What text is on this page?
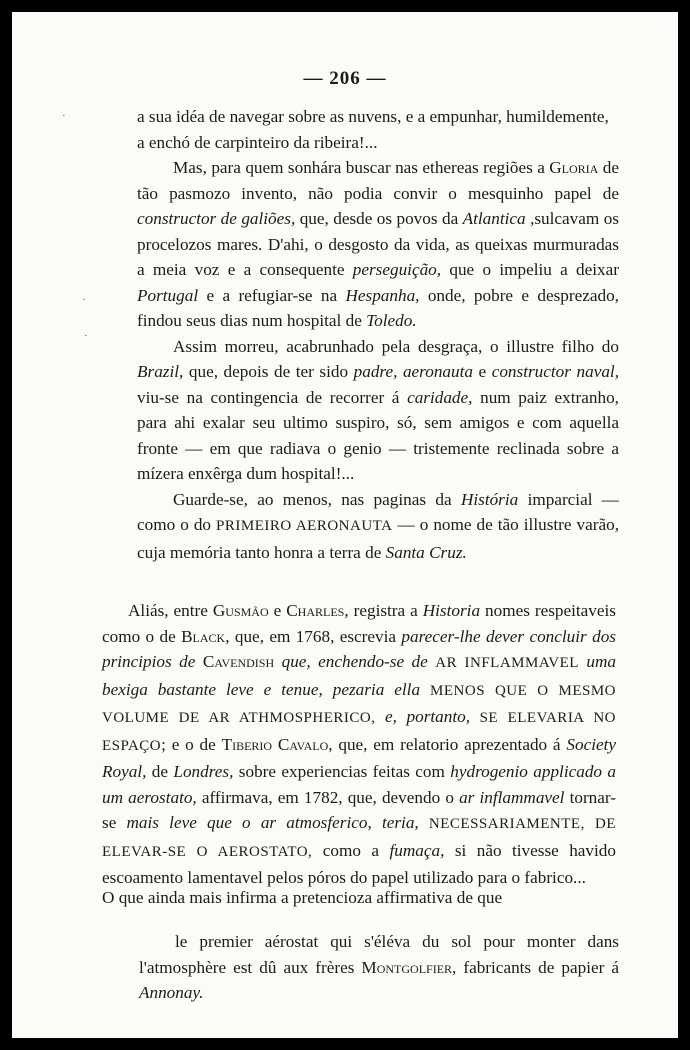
— 206 —
·
·
·

a sua idéa de navegar sobre as nuvens, e a empunhar, humildemente, a enchó de carpinteiro da ribeira!...

Mas, para quem sonhára buscar nas ethereas regiões a Gloria de tão pasmozo invento, não podia convir o mesquinho papel de constructor de galiões, que, desde os povos da Atlantica ,sulcavam os procelozos mares. D'ahi, o desgosto da vida, as queixas murmuradas a meia voz e a consequente perseguição, que o impeliu a deixar Portugal e a refugiar-se na Hespanha, onde, pobre e desprezado, findou seus dias num hospital de Toledo.

Assim morreu, acabrunhado pela desgraça, o illustre filho do Brazil, que, depois de ter sido padre, aeronauta e constructor naval, viu-se na contingencia de recorrer á caridade, num paiz extranho, para ahi exalar seu ultimo suspiro, só, sem amigos e com aquella fronte — em que radiava o genio — tristemente reclinada sobre a mízera enxêrga dum hospital!...

Guarde-se, ao menos, nas paginas da História imparcial — como o do PRIMEIRO AERONAUTA — o nome de tão illustre varão, cuja memória tanto honra a terra de Santa Cruz.

Aliás, entre Gusmão e Charles, registra a Historia nomes respeitaveis como o de Black, que, em 1768, escrevia parecer-lhe dever concluir dos principios de Cavendish que, enchendo-se de AR INFLAMMAVEL uma bexiga bastante leve e tenue, pezaria ella MENOS QUE O MESMO VOLUME DE AR ATHMOSPHERICO, e, portanto, SE ELEVARIA NO ESPAÇO; e o de Tiberio Cavalo, que, em relatorio aprezentado á Society Royal, de Londres, sobre experiencias feitas com hydrogenio applicado a um aerostato, affirmava, em 1782, que, devendo o ar inflammavel tornar-se mais leve que o ar atmosferico, teria, NECESSARIAMENTE, DE ELEVAR-SE O AEROSTATO, como a fumaça, si não tivesse havido escoamento lamentavel pelos póros do papel utilizado para o fabrico...

O que ainda mais infirma a pretencioza affirmativa de que

le premier aérostat qui s'éléva du sol pour monter dans l'atmosphère est dû aux frères Montgolfier, fabricants de papier á Annonay.
